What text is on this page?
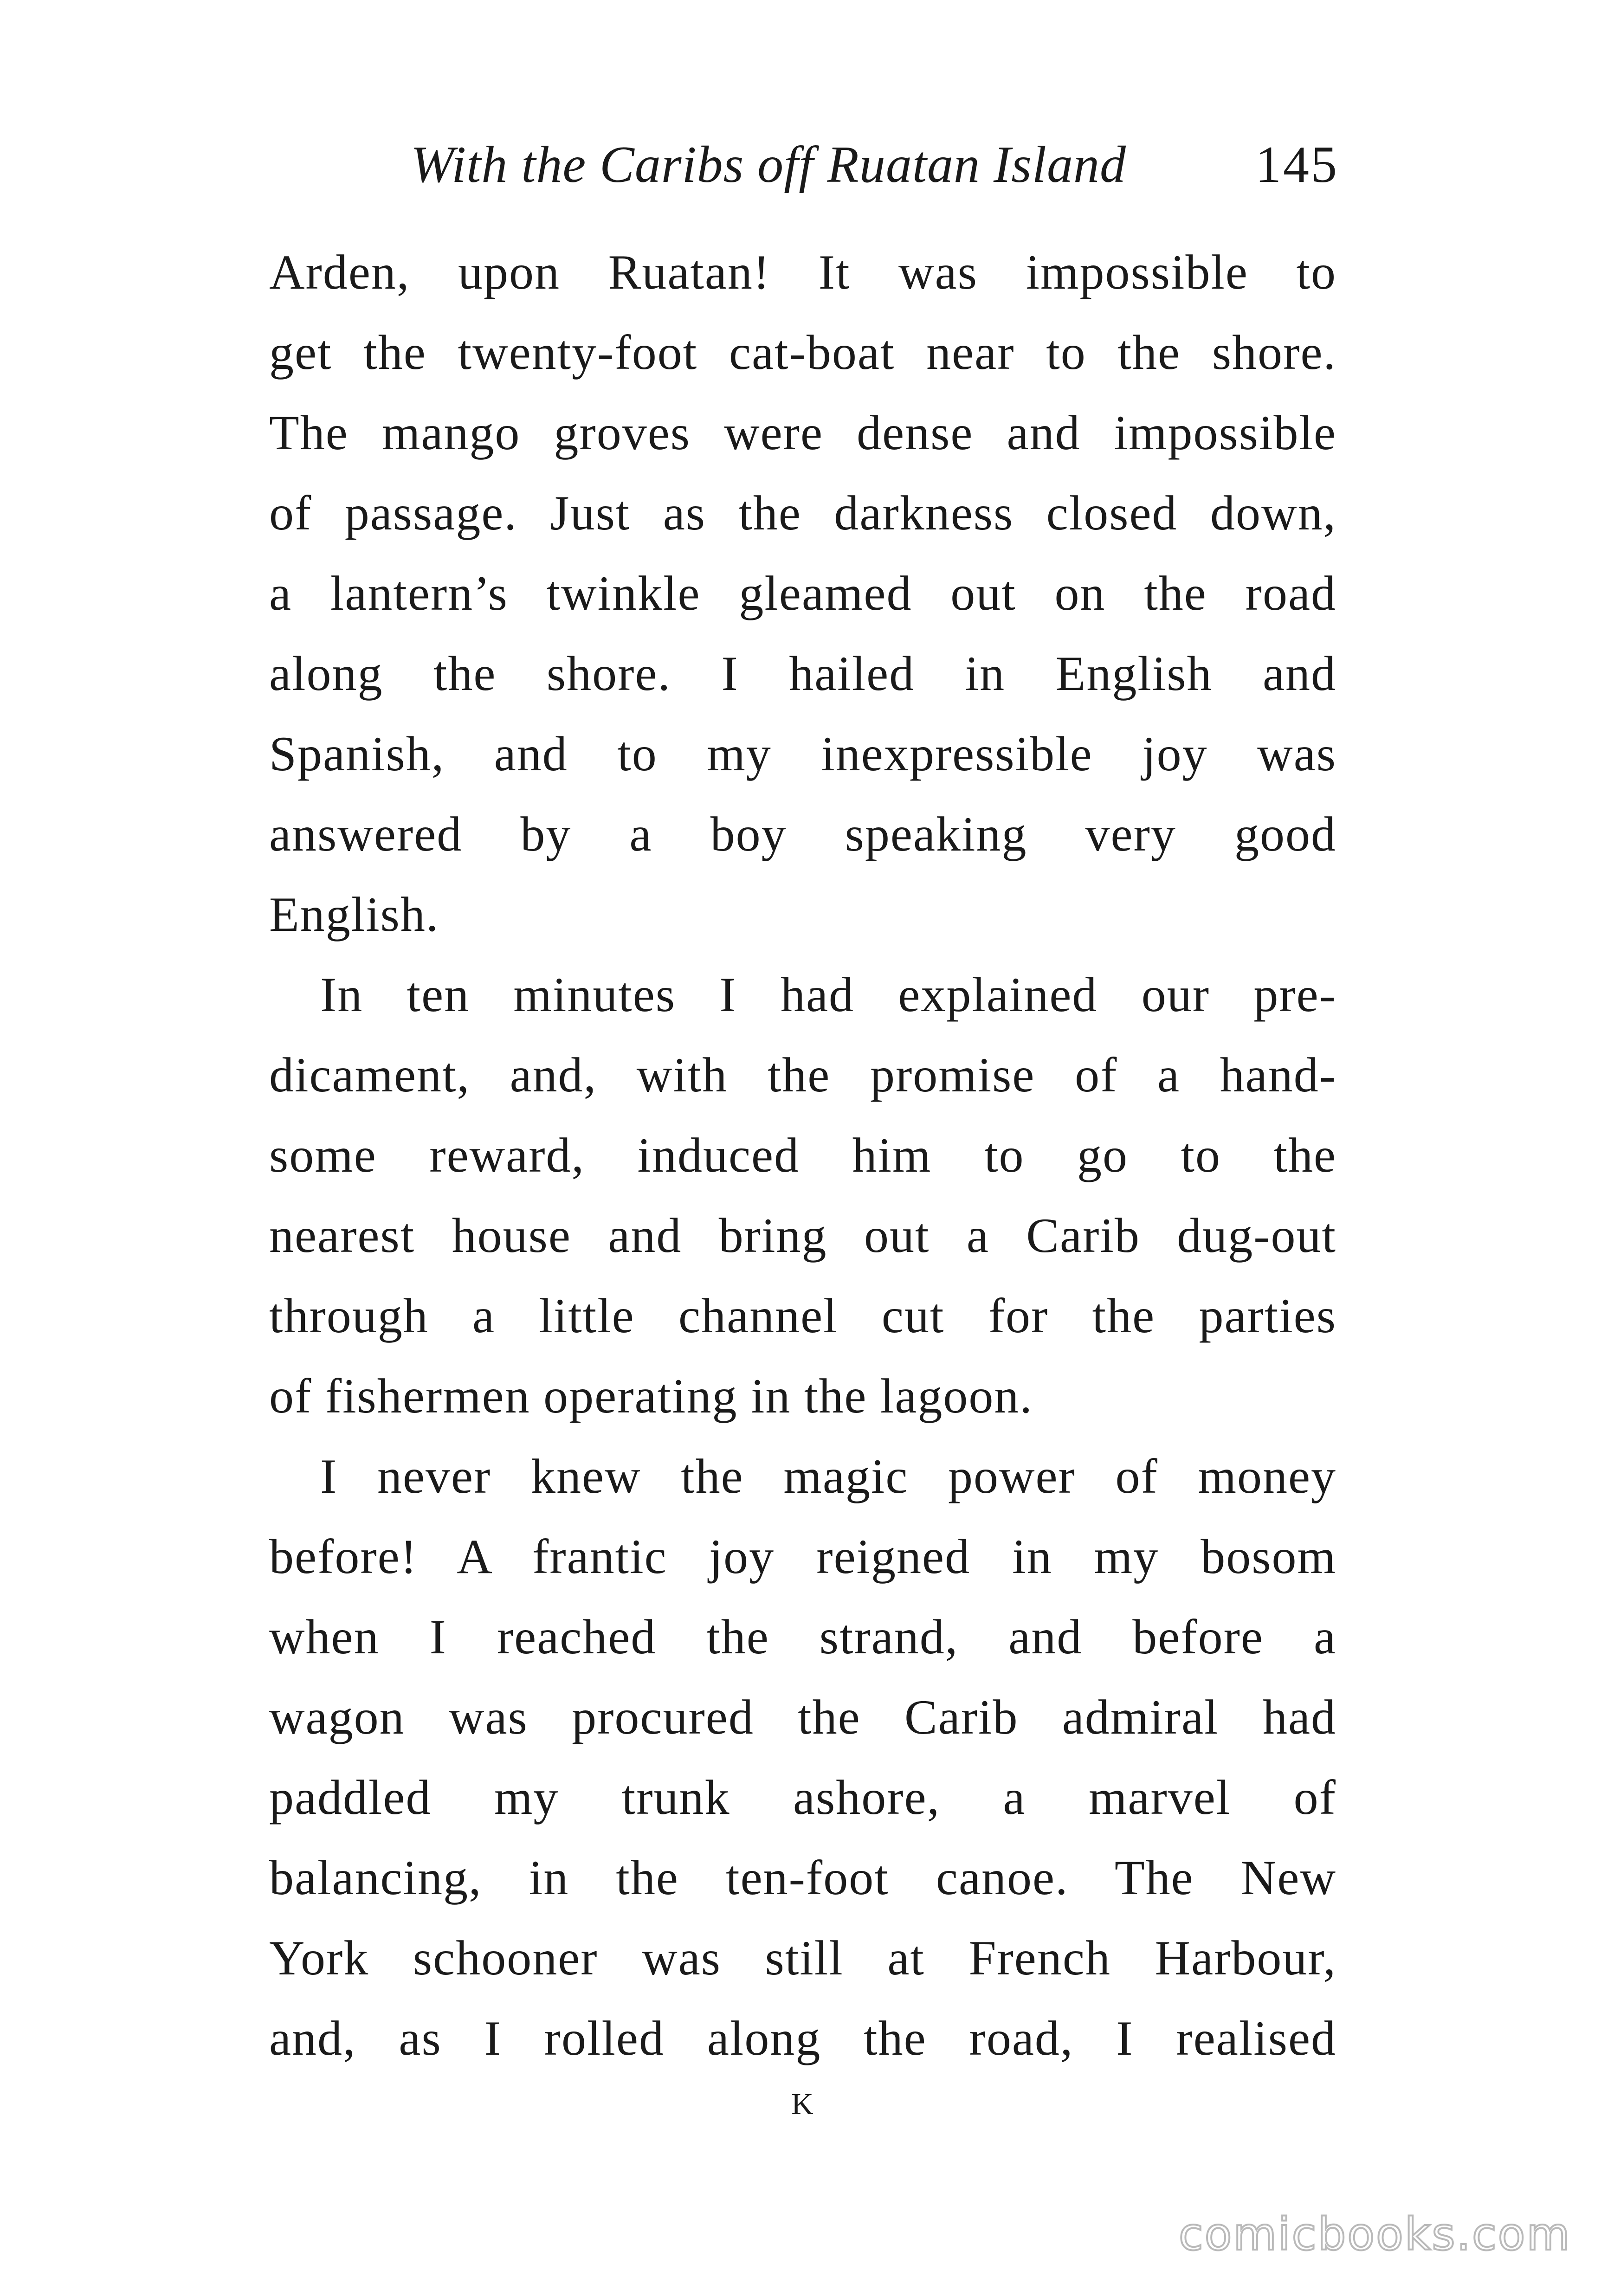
With the Caribs off Ruatan Island 145
Arden, upon Ruatan! It was impossible to
get the twenty-foot cat-boat near to the shore.
The mango groves were dense and impossible
of passage. Just as the darkness closed down,
a lantern’s twinkle gleamed out on the road
along the shore. I hailed in English and
Spanish, and to my inexpressible joy was
answered by a boy speaking very good
English.
In ten minutes I had explained our pre-
dicament, and, with the promise of a hand-
some reward, induced him to go to the
nearest house and bring out a Carib dug-out
through a little channel cut for the parties
of fishermen operating in the lagoon.
I never knew the magic power of money
before! A frantic joy reigned in my bosom
when I reached the strand, and before a
wagon was procured the Carib admiral had
paddled my trunk ashore, a marvel of
balancing, in the ten-foot canoe. The New
York schooner was still at French Harbour,
and, as I rolled along the road, I realised
K
comicbooks.com
